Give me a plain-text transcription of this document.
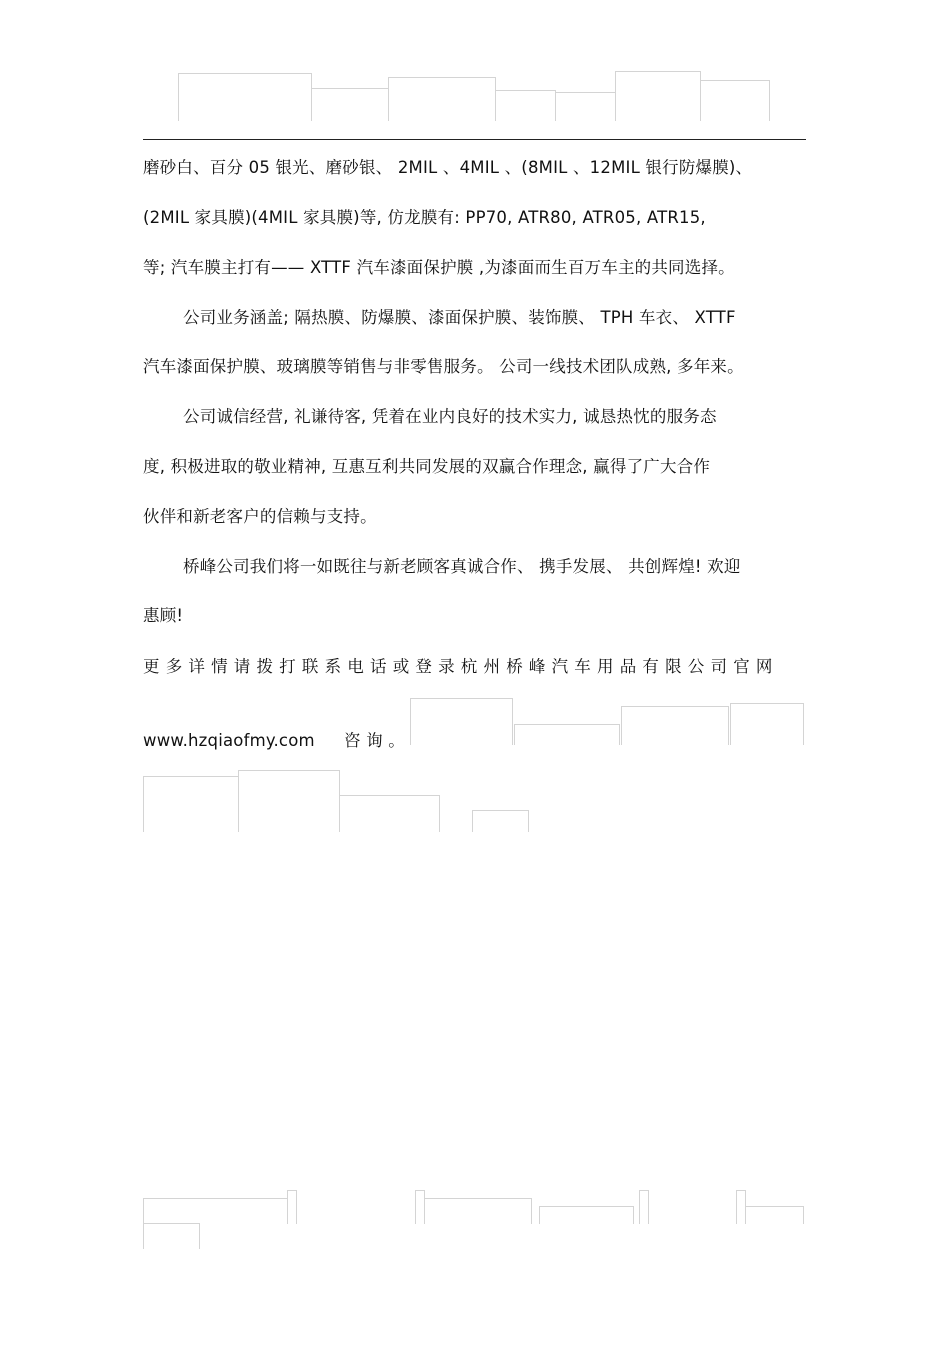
磨砂白、百分 05 银光、磨砂银、 2MIL 、4MIL 、(8MIL 、12MIL 银行防爆膜)、
(2MIL 家具膜)(4MIL 家具膜)等, 仿龙膜有: PP70, ATR80, ATR05, ATR15,
等; 汽车膜主打有—— XTTF 汽车漆面保护膜 ,为漆面而生百万车主的共同选择。
公司业务涵盖; 隔热膜、防爆膜、漆面保护膜、装饰膜、 TPH 车衣、 XTTF
汽车漆面保护膜、玻璃膜等销售与非零售服务。 公司一线技术团队成熟, 多年来。
公司诚信经营, 礼谦待客, 凭着在业内良好的技术实力, 诚恳热忱的服务态
度, 积极进取的敬业精神, 互惠互利共同发展的双赢合作理念, 赢得了广大合作
伙伴和新老客户的信赖与支持。
桥峰公司我们将一如既往与新老顾客真诚合作、 携手发展、 共创辉煌! 欢迎
惠顾!
更多详情请拨打联系电话或登录杭州桥峰汽车用品有限公司官网
www.hzqiaofmy.com	咨 询 。
